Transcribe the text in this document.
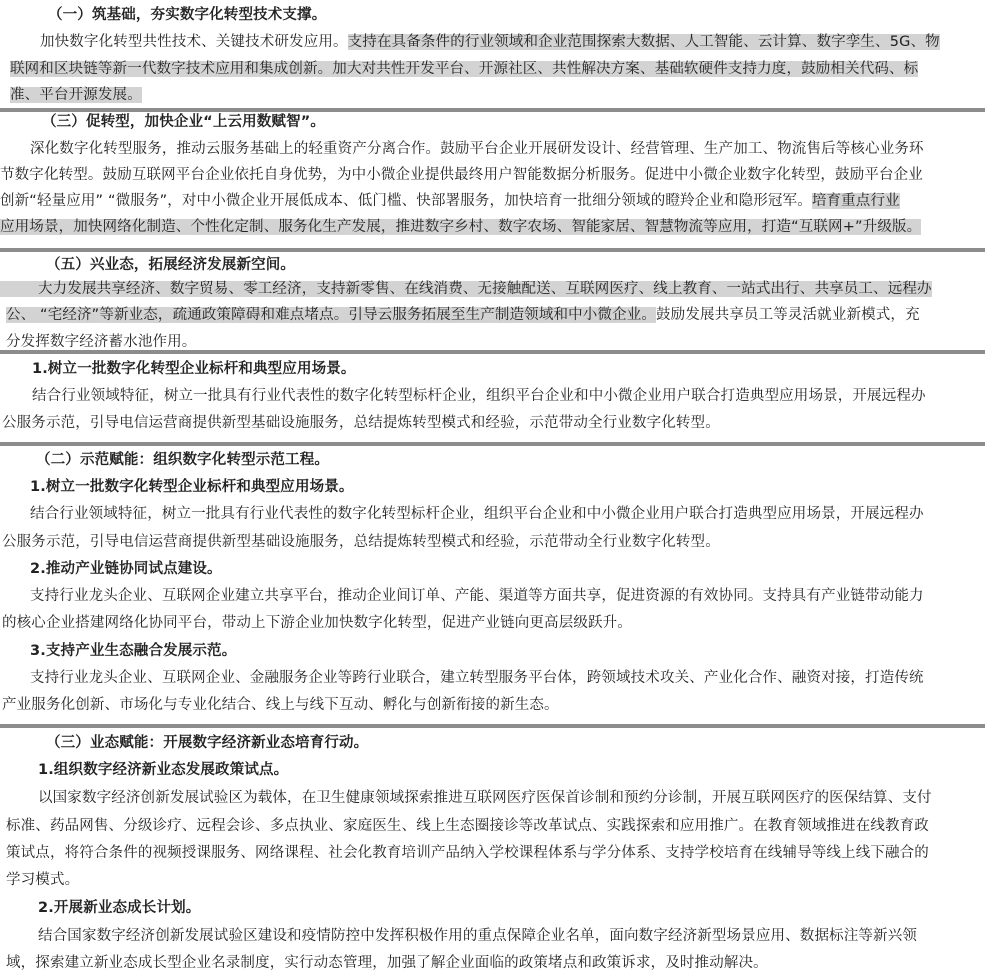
（一）筑基础，夯实数字化转型技术支撑。
加快数字化转型共性技术、关键技术研发应用。支持在具备条件的行业领域和企业范围探索大数据、人工智能、云计算、数字孪生、5G、物
联网和区块链等新一代数字技术应用和集成创新。加大对共性开发平台、开源社区、共性解决方案、基础软硬件支持力度，鼓励相关代码、标
准、平台开源发展。
（三）促转型，加快企业“上云用数赋智”。
深化数字化转型服务，推动云服务基础上的轻重资产分离合作。鼓励平台企业开展研发设计、经营管理、生产加工、物流售后等核心业务环
节数字化转型。鼓励互联网平台企业依托自身优势，为中小微企业提供最终用户智能数据分析服务。促进中小微企业数字化转型，鼓励平台企业
创新“轻量应用” “微服务”，对中小微企业开展低成本、低门槛、快部署服务，加快培育一批细分领域的瞪羚企业和隐形冠军。培育重点行业
应用场景，加快网络化制造、个性化定制、服务化生产发展，推进数字乡村、数字农场、智能家居、智慧物流等应用，打造“互联网+”升级版。
（五）兴业态，拓展经济发展新空间。
大力发展共享经济、数字贸易、零工经济，支持新零售、在线消费、无接触配送、互联网医疗、线上教育、一站式出行、共享员工、远程办
公、 “宅经济”等新业态，疏通政策障碍和难点堵点。引导云服务拓展至生产制造领域和中小微企业。鼓励发展共享员工等灵活就业新模式，充
分发挥数字经济蓄水池作用。
1.树立一批数字化转型企业标杆和典型应用场景。
结合行业领域特征，树立一批具有行业代表性的数字化转型标杆企业，组织平台企业和中小微企业用户联合打造典型应用场景，开展远程办
公服务示范，引导电信运营商提供新型基础设施服务，总结提炼转型模式和经验，示范带动全行业数字化转型。
（二）示范赋能：组织数字化转型示范工程。
1.树立一批数字化转型企业标杆和典型应用场景。
结合行业领域特征，树立一批具有行业代表性的数字化转型标杆企业，组织平台企业和中小微企业用户联合打造典型应用场景，开展远程办
公服务示范，引导电信运营商提供新型基础设施服务，总结提炼转型模式和经验，示范带动全行业数字化转型。
2.推动产业链协同试点建设。
支持行业龙头企业、互联网企业建立共享平台，推动企业间订单、产能、渠道等方面共享，促进资源的有效协同。支持具有产业链带动能力
的核心企业搭建网络化协同平台，带动上下游企业加快数字化转型，促进产业链向更高层级跃升。
3.支持产业生态融合发展示范。
支持行业龙头企业、互联网企业、金融服务企业等跨行业联合，建立转型服务平台体，跨领域技术攻关、产业化合作、融资对接，打造传统
产业服务化创新、市场化与专业化结合、线上与线下互动、孵化与创新衔接的新生态。
（三）业态赋能：开展数字经济新业态培育行动。
1.组织数字经济新业态发展政策试点。
以国家数字经济创新发展试验区为载体，在卫生健康领域探索推进互联网医疗医保首诊制和预约分诊制，开展互联网医疗的医保结算、支付
标准、药品网售、分级诊疗、远程会诊、多点执业、家庭医生、线上生态圈接诊等改革试点、实践探索和应用推广。在教育领域推进在线教育政
策试点，将符合条件的视频授课服务、网络课程、社会化教育培训产品纳入学校课程体系与学分体系、支持学校培育在线辅导等线上线下融合的
学习模式。
2.开展新业态成长计划。
结合国家数字经济创新发展试验区建设和疫情防控中发挥积极作用的重点保障企业名单，面向数字经济新型场景应用、数据标注等新兴领
域，探索建立新业态成长型企业名录制度，实行动态管理，加强了解企业面临的政策堵点和政策诉求，及时推动解决。
